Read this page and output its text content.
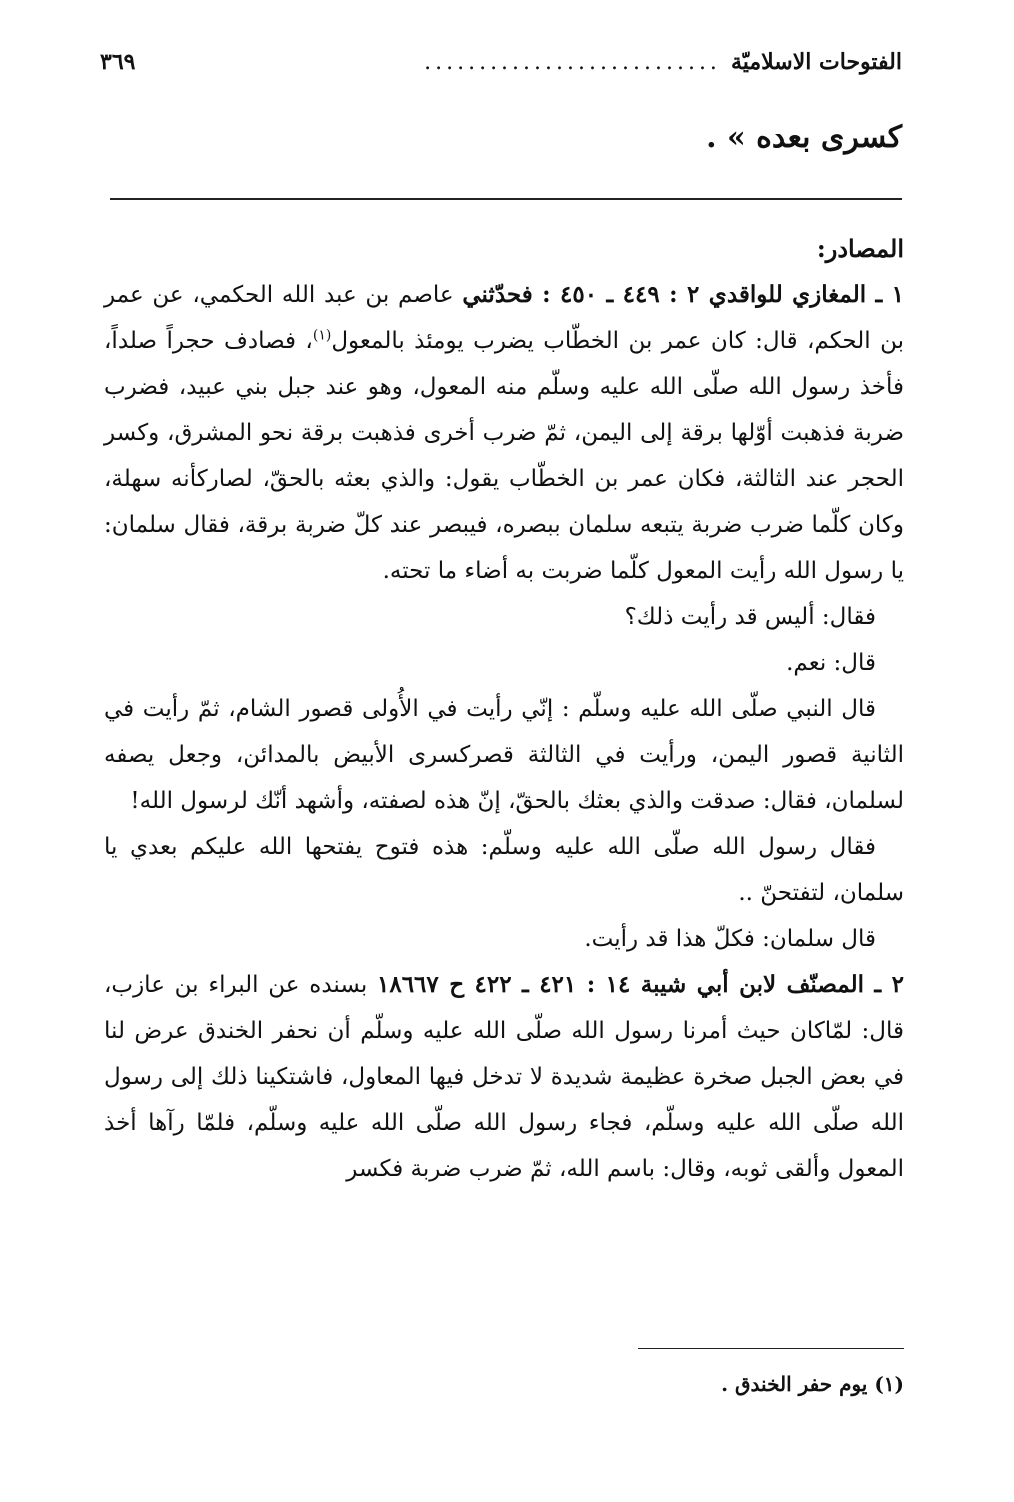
الفتوحات الاسلاميّة
...........................
٣٦٩

كسرى بعده » .

المصادر:

١ ـ المغازي للواقدي ٢ : ٤٤٩ ـ ٤٥٠ : فحدّثني عاصم بن عبد الله الحكمي، عن عمر بن الحكم، قال: كان عمر بن الخطّاب يضرب يومئذ بالمعول$^{(١)}$، فصادف حجراً صلداً، فأخذ رسول الله صلّى الله عليه وسلّم منه المعول، وهو عند جبل بني عبيد، فضرب ضربة فذهبت أوّلها برقة إلى اليمن، ثمّ ضرب أخرى فذهبت برقة نحو المشرق، وكسر الحجر عند الثالثة، فكان عمر بن الخطّاب يقول: والذي بعثه بالحقّ، لصاركأنه سهلة، وكان كلّما ضرب ضربة يتبعه سلمان ببصره، فيبصر عند كلّ ضربة برقة، فقال سلمان: يا رسول الله رأيت المعول كلّما ضربت به أضاء ما تحته.

فقال: أليس قد رأيت ذلك؟

قال: نعم.

قال النبي صلّى الله عليه وسلّم : إنّي رأيت في الأُولى قصور الشام، ثمّ رأيت في الثانية قصور اليمن، ورأيت في الثالثة قصركسرى الأبيض بالمدائن، وجعل يصفه لسلمان، فقال: صدقت والذي بعثك بالحقّ، إنّ هذه لصفته، وأشهد أنّك لرسول الله!

فقال رسول الله صلّى الله عليه وسلّم: هذه فتوح يفتحها الله عليكم بعدي يا سلمان، لتفتحنّ ..

قال سلمان: فكلّ هذا قد رأيت.

٢ ـ المصنّف لابن أبي شيبة ١٤ : ٤٢١ ـ ٤٢٢ ح ١٨٦٦٧ بسنده عن البراء بن عازب، قال: لمّاكان حيث أمرنا رسول الله صلّى الله عليه وسلّم أن نحفر الخندق عرض لنا في بعض الجبل صخرة عظيمة شديدة لا تدخل فيها المعاول، فاشتكينا ذلك إلى رسول الله صلّى الله عليه وسلّم، فجاء رسول الله صلّى الله عليه وسلّم، فلمّا رآها أخذ المعول وألقى ثوبه، وقال: باسم الله، ثمّ ضرب ضربة فكسر

(١) يوم حفر الخندق .
